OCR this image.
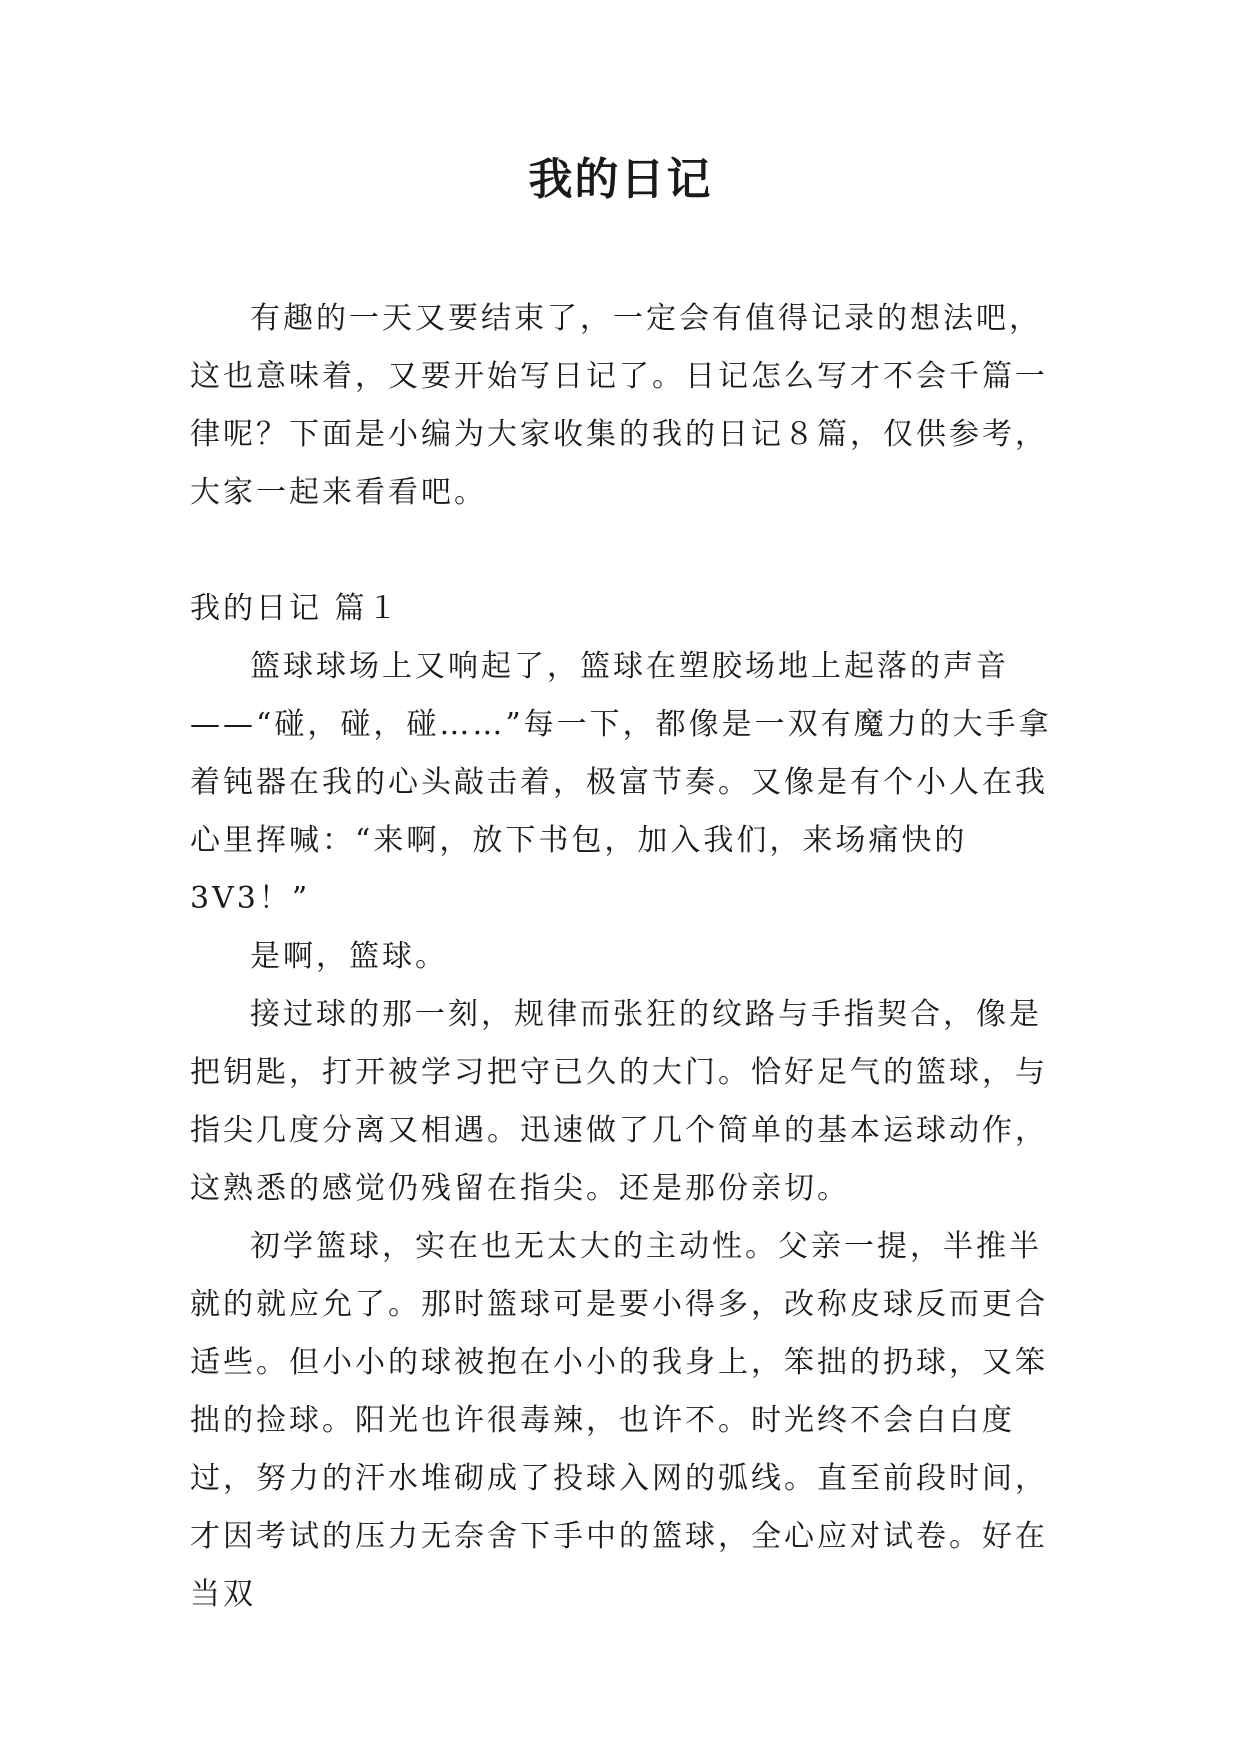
我的日记

有趣的一天又要结束了，一定会有值得记录的想法吧，这也意味着，又要开始写日记了。日记怎么写才不会千篇一律呢？下面是小编为大家收集的我的日记８篇，仅供参考，大家一起来看看吧。

我的日记 篇１

篮球球场上又响起了，篮球在塑胶场地上起落的声音——“碰，碰，碰……”每一下，都像是一双有魔力的大手拿着钝器在我的心头敲击着，极富节奏。又像是有个小人在我心里挥喊：“来啊，放下书包，加入我们，来场痛快的3V3！”

是啊，篮球。

接过球的那一刻，规律而张狂的纹路与手指契合，像是把钥匙，打开被学习把守已久的大门。恰好足气的篮球，与指尖几度分离又相遇。迅速做了几个简单的基本运球动作，这熟悉的感觉仍残留在指尖。还是那份亲切。

初学篮球，实在也无太大的主动性。父亲一提，半推半就的就应允了。那时篮球可是要小得多，改称皮球反而更合适些。但小小的球被抱在小小的我身上，笨拙的扔球，又笨拙的捡球。阳光也许很毒辣，也许不。时光终不会白白度过，努力的汗水堆砌成了投球入网的弧线。直至前段时间，才因考试的压力无奈舍下手中的篮球，全心应对试卷。好在当双
